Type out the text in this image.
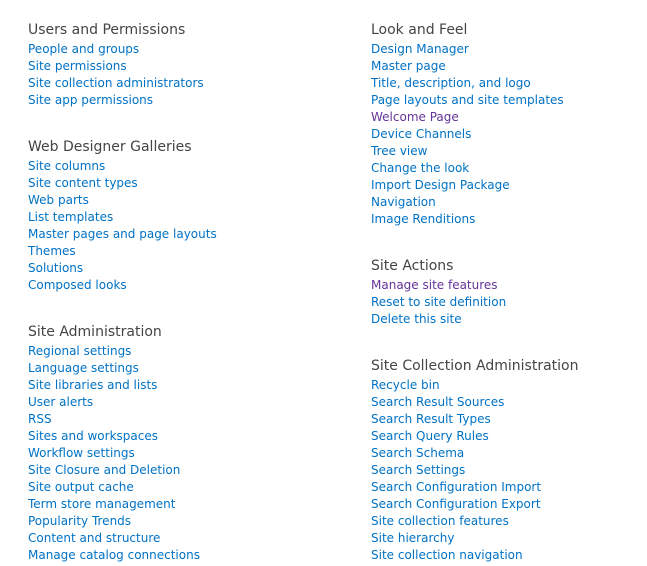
Users and Permissions
People and groups
Site permissions
Site collection administrators
Site app permissions
Web Designer Galleries
Site columns
Site content types
Web parts
List templates
Master pages and page layouts
Themes
Solutions
Composed looks
Site Administration
Regional settings
Language settings
Site libraries and lists
User alerts
RSS
Sites and workspaces
Workflow settings
Site Closure and Deletion
Site output cache
Term store management
Popularity Trends
Content and structure
Manage catalog connections
Look and Feel
Design Manager
Master page
Title, description, and logo
Page layouts and site templates
Welcome Page
Device Channels
Tree view
Change the look
Import Design Package
Navigation
Image Renditions
Site Actions
Manage site features
Reset to site definition
Delete this site
Site Collection Administration
Recycle bin
Search Result Sources
Search Result Types
Search Query Rules
Search Schema
Search Settings
Search Configuration Import
Search Configuration Export
Site collection features
Site hierarchy
Site collection navigation
